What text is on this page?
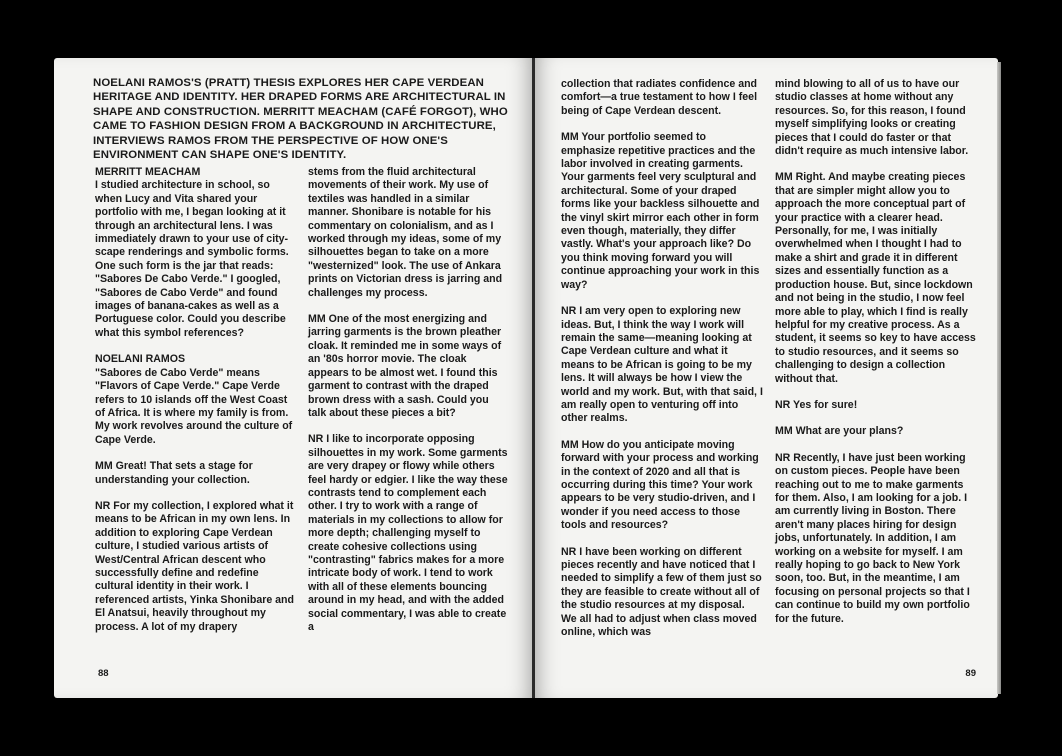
NOELANI RAMOS'S (PRATT) THESIS EXPLORES HER CAPE VERDEAN HERITAGE AND IDENTITY. HER DRAPED FORMS ARE ARCHITECTURAL IN SHAPE AND CONSTRUCTION. MERRITT MEACHAM (CAFÉ FORGOT), WHO CAME TO FASHION DESIGN FROM A BACKGROUND IN ARCHITECTURE, INTERVIEWS RAMOS FROM THE PERSPECTIVE OF HOW ONE'S ENVIRONMENT CAN SHAPE ONE'S IDENTITY.

MERRITT MEACHAM
I studied architecture in school, so when Lucy and Vita shared your portfolio with me, I began looking at it through an architectural lens. I was immediately drawn to your use of city-scape renderings and symbolic forms. One such form is the jar that reads: "Sabores De Cabo Verde." I googled, "Sabores de Cabo Verde" and found images of banana-cakes as well as a Portuguese color. Could you describe what this symbol references?

NOELANI RAMOS
"Sabores de Cabo Verde" means "Flavors of Cape Verde." Cape Verde refers to 10 islands off the West Coast of Africa. It is where my family is from. My work revolves around the culture of Cape Verde.

MM Great! That sets a stage for understanding your collection.

NR For my collection, I explored what it means to be African in my own lens. In addition to exploring Cape Verdean culture, I studied various artists of West/Central African descent who successfully define and redefine cultural identity in their work. I referenced artists, Yinka Shonibare and El Anatsui, heavily throughout my process. A lot of my drapery

stems from the fluid architectural movements of their work. My use of textiles was handled in a similar manner. Shonibare is notable for his commentary on colonialism, and as I worked through my ideas, some of my silhouettes began to take on a more "westernized" look. The use of Ankara prints on Victorian dress is jarring and challenges my process.

MM One of the most energizing and jarring garments is the brown pleather cloak. It reminded me in some ways of an '80s horror movie. The cloak appears to be almost wet. I found this garment to contrast with the draped brown dress with a sash. Could you talk about these pieces a bit?

NR I like to incorporate opposing silhouettes in my work. Some garments are very drapey or flowy while others feel hardy or edgier. I like the way these contrasts tend to complement each other. I try to work with a range of materials in my collections to allow for more depth; challenging myself to create cohesive collections using "contrasting" fabrics makes for a more intricate body of work. I tend to work with all of these elements bouncing around in my head, and with the added social commentary, I was able to create a

88

collection that radiates confidence and comfort—a true testament to how I feel being of Cape Verdean descent.

MM Your portfolio seemed to emphasize repetitive practices and the labor involved in creating garments. Your garments feel very sculptural and architectural. Some of your draped forms like your backless silhouette and the vinyl skirt mirror each other in form even though, materially, they differ vastly. What's your approach like? Do you think moving forward you will continue approaching your work in this way?

NR I am very open to exploring new ideas. But, I think the way I work will remain the same—meaning looking at Cape Verdean culture and what it means to be African is going to be my lens. It will always be how I view the world and my work. But, with that said, I am really open to venturing off into other realms.

MM How do you anticipate moving forward with your process and working in the context of 2020 and all that is occurring during this time? Your work appears to be very studio-driven, and I wonder if you need access to those tools and resources?

NR I have been working on different pieces recently and have noticed that I needed to simplify a few of them just so they are feasible to create without all of the studio resources at my disposal. We all had to adjust when class moved online, which was

mind blowing to all of us to have our studio classes at home without any resources. So, for this reason, I found myself simplifying looks or creating pieces that I could do faster or that didn't require as much intensive labor.

MM Right. And maybe creating pieces that are simpler might allow you to approach the more conceptual part of your practice with a clearer head. Personally, for me, I was initially overwhelmed when I thought I had to make a shirt and grade it in different sizes and essentially function as a production house. But, since lockdown and not being in the studio, I now feel more able to play, which I find is really helpful for my creative process. As a student, it seems so key to have access to studio resources, and it seems so challenging to design a collection without that.

NR Yes for sure!

MM What are your plans?

NR Recently, I have just been working on custom pieces. People have been reaching out to me to make garments for them. Also, I am looking for a job. I am currently living in Boston. There aren't many places hiring for design jobs, unfortunately. In addition, I am working on a website for myself. I am really hoping to go back to New York soon, too. But, in the meantime, I am focusing on personal projects so that I can continue to build my own portfolio for the future.

89
